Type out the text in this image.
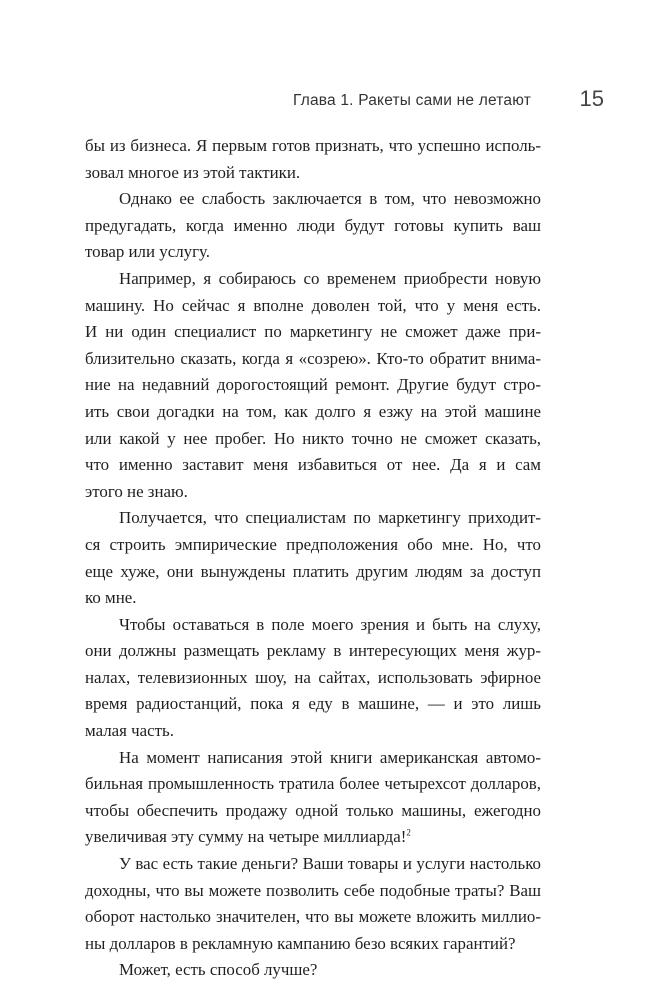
Глава 1. Ракеты сами не летают 15
бы из бизнеса. Я первым готов признать, что успешно исполь-
зовал многое из этой тактики.
Однако ее слабость заключается в том, что невозможно
предугадать, когда именно люди будут готовы купить ваш
товар или услугу.
Например, я собираюсь со временем приобрести новую
машину. Но сейчас я вполне доволен той, что у меня есть.
И ни один специалист по маркетингу не сможет даже при-
близительно сказать, когда я «созрею». Кто-то обратит внима-
ние на недавний дорогостоящий ремонт. Другие будут стро-
ить свои догадки на том, как долго я езжу на этой машине
или какой у нее пробег. Но никто точно не сможет сказать,
что именно заставит меня избавиться от нее. Да я и сам
этого не знаю.
Получается, что специалистам по маркетингу приходит-
ся строить эмпирические предположения обо мне. Но, что
еще хуже, они вынуждены платить другим людям за доступ
ко мне.
Чтобы оставаться в поле моего зрения и быть на слуху,
они должны размещать рекламу в интересующих меня жур-
налах, телевизионных шоу, на сайтах, использовать эфирное
время радиостанций, пока я еду в машине, — и это лишь
малая часть.
На момент написания этой книги американская автомо-
бильная промышленность тратила более четырехсот долларов,
чтобы обеспечить продажу одной только машины, ежегодно
увеличивая эту сумму на четыре миллиарда!$^2$
У вас есть такие деньги? Ваши товары и услуги настолько
доходны, что вы можете позволить себе подобные траты? Ваш
оборот настолько значителен, что вы можете вложить миллио-
ны долларов в рекламную кампанию безо всяких гарантий?
Может, есть способ лучше?
